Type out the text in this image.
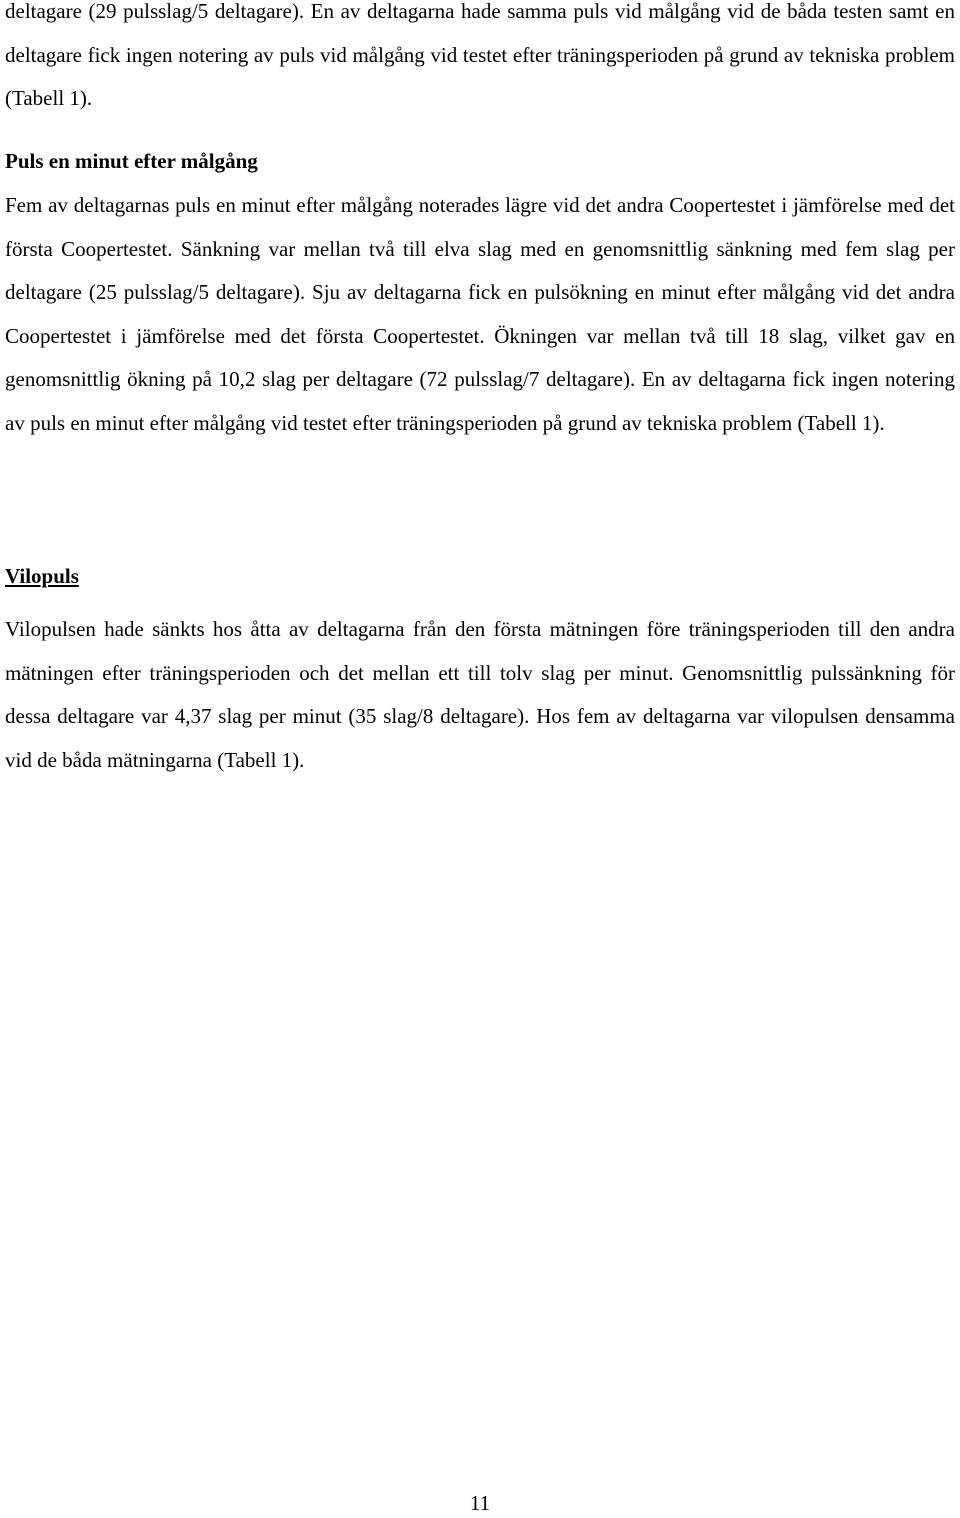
deltagare (29 pulsslag/5 deltagare). En av deltagarna hade samma puls vid målgång vid de båda testen samt en deltagare fick ingen notering av puls vid målgång vid testet efter träningsperioden på grund av tekniska problem (Tabell 1).

Puls en minut efter målgång

Fem av deltagarnas puls en minut efter målgång noterades lägre vid det andra Coopertestet i jämförelse med det första Coopertestet. Sänkning var mellan två till elva slag med en genomsnittlig sänkning med fem slag per deltagare (25 pulsslag/5 deltagare). Sju av deltagarna fick en pulsökning en minut efter målgång vid det andra Coopertestet i jämförelse med det första Coopertestet. Ökningen var mellan två till 18 slag, vilket gav en genomsnittlig ökning på 10,2 slag per deltagare (72 pulsslag/7 deltagare). En av deltagarna fick ingen notering av puls en minut efter målgång vid testet efter träningsperioden på grund av tekniska problem (Tabell 1).

Vilopuls

Vilopulsen hade sänkts hos åtta av deltagarna från den första mätningen före träningsperioden till den andra mätningen efter träningsperioden och det mellan ett till tolv slag per minut. Genomsnittlig pulssänkning för dessa deltagare var 4,37 slag per minut (35 slag/8 deltagare). Hos fem av deltagarna var vilopulsen densamma vid de båda mätningarna (Tabell 1).

11
